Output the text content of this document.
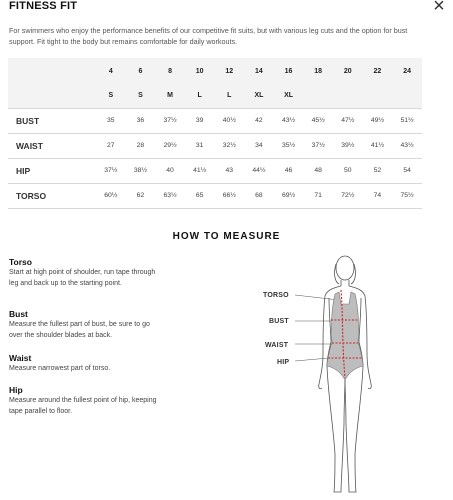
FITNESS FIT	×
For swimmers who enjoy the performance benefits of our competitive fit suits, but with various leg cuts and the option for bust support. Fit tight to the body but remains comfortable for daily workouts.
	4	6	8	10	12	14	16	18	20	22	24
	S	S	M	L	L	XL	XL				
BUST	35	36	37½	39	40½	42	43½	45½	47½	49½	51½
WAIST	27	28	29½	31	32½	34	35½	37½	39½	41½	43½
HIP	37½	38½	40	41½	43	44½	46	48	50	52	54
TORSO	60½	62	63½	65	66½	68	69½	71	72½	74	75½
HOW TO MEASURE
Torso
Start at high point of shoulder, run tape through leg and back up to the starting point.
Bust
Measure the fullest part of bust, be sure to go over the shoulder blades at back.
Waist
Measure narrowest part of torso.
Hip
Measure around the fullest point of hip, keeping tape parallel to floor.
TORSO
BUST
WAIST
HIP
